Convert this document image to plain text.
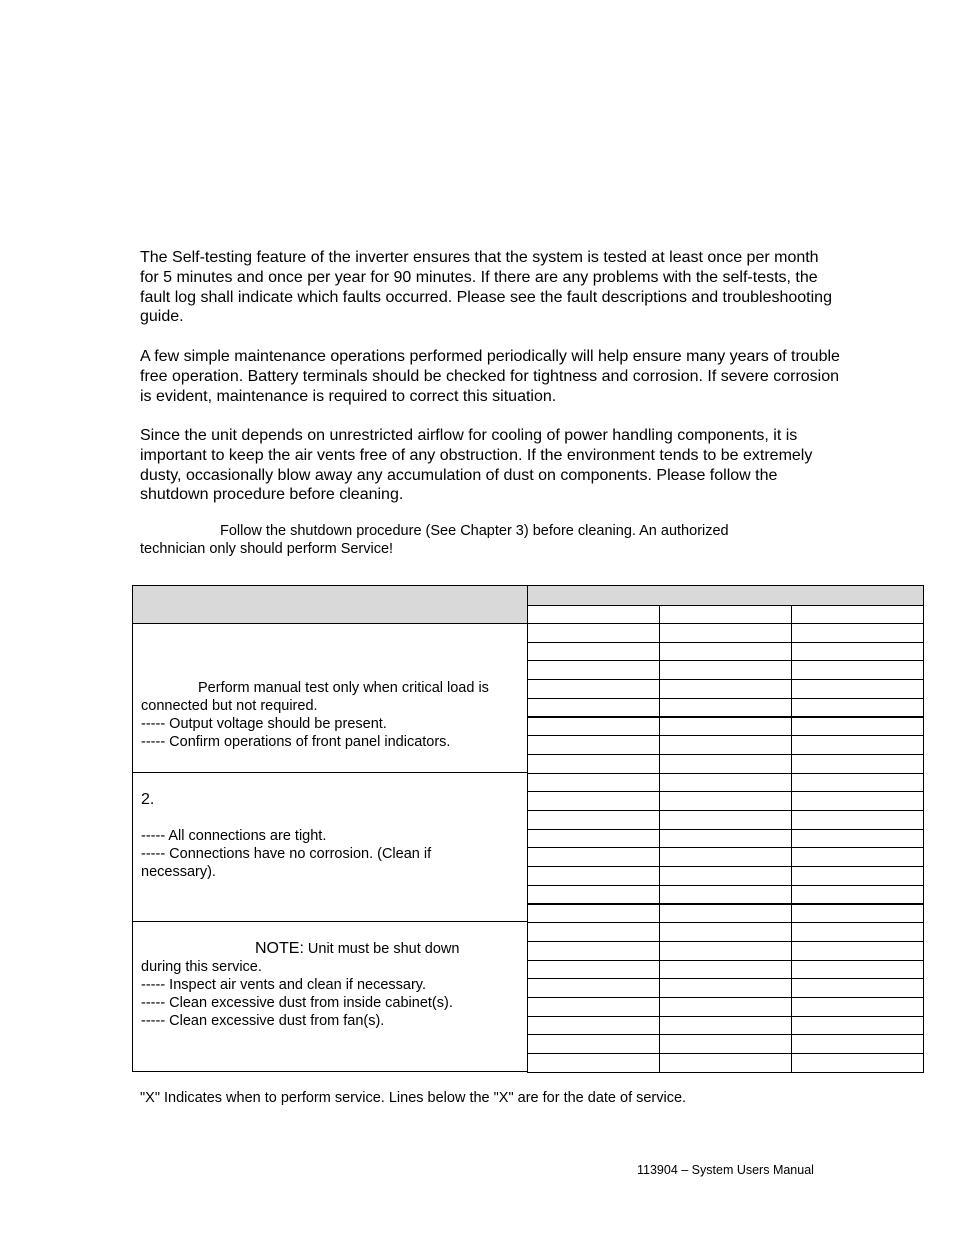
The Self-testing feature of the inverter ensures that the system is tested at least once per month for 5 minutes and once per year for 90 minutes. If there are any problems with the self-tests, the fault log shall indicate which faults occurred. Please see the fault descriptions and troubleshooting guide.

A few simple maintenance operations performed periodically will help ensure many years of trouble free operation. Battery terminals should be checked for tightness and corrosion. If severe corrosion is evident, maintenance is required to correct this situation.

Since the unit depends on unrestricted airflow for cooling of power handling components, it is important to keep the air vents free of any obstruction. If the environment tends to be extremely dusty, occasionally blow away any accumulation of dust on components. Please follow the shutdown procedure before cleaning.

Follow the shutdown procedure (See Chapter 3) before cleaning. An authorized
technician only should perform Service!
Perform manual test only when critical load is
connected but not required.
----- Output voltage should be present.
----- Confirm operations of front panel indicators.
2.
----- All connections are tight.
----- Connections have no corrosion. (Clean if
necessary).
NOTE: Unit must be shut down
during this service.
----- Inspect air vents and clean if necessary.
----- Clean excessive dust from inside cabinet(s).
----- Clean excessive dust from fan(s).
"X" Indicates when to perform service. Lines below the "X" are for the date of service.
113904 – System Users Manual
